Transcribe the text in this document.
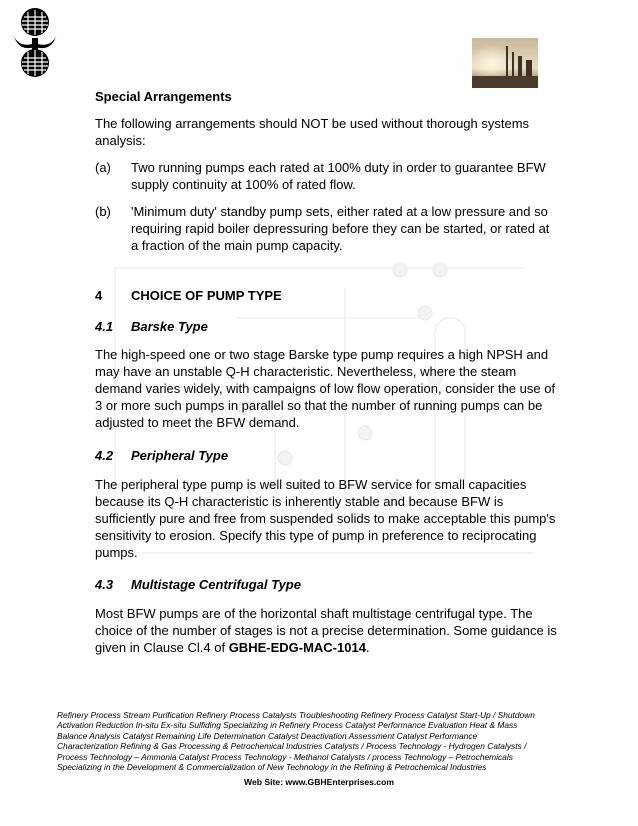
Special Arrangements
The following arrangements should NOT be used without thorough systems
analysis:
(a) Two running pumps each rated at 100% duty in order to guarantee BFW
supply continuity at 100% of rated flow.
(b) 'Minimum duty' standby pump sets, either rated at a low pressure and so
requiring rapid boiler depressuring before they can be started, or rated at
a fraction of the main pump capacity.
4 CHOICE OF PUMP TYPE
4.1 Barske Type
The high-speed one or two stage Barske type pump requires a high NPSH and
may have an unstable Q-H characteristic. Nevertheless, where the steam
demand varies widely, with campaigns of low flow operation, consider the use of
3 or more such pumps in parallel so that the number of running pumps can be
adjusted to meet the BFW demand.
4.2 Peripheral Type
The peripheral type pump is well suited to BFW service for small capacities
because its Q-H characteristic is inherently stable and because BFW is
sufficiently pure and free from suspended solids to make acceptable this pump's
sensitivity to erosion. Specify this type of pump in preference to reciprocating
pumps.
4.3 Multistage Centrifugal Type
Most BFW pumps are of the horizontal shaft multistage centrifugal type. The
choice of the number of stages is not a precise determination. Some guidance is
given in Clause Cl.4 of GBHE-EDG-MAC-1014.
Refinery Process Stream Purification Refinery Process Catalysts Troubleshooting Refinery Process Catalyst Start-Up / Shutdown
Activation Reduction In-situ Ex-situ Sulfiding Specializing in Refinery Process Catalyst Performance Evaluation Heat & Mass
Balance Analysis Catalyst Remaining Life Determination Catalyst Deactivation Assessment Catalyst Performance
Characterization Refining & Gas Processing & Petrochemical Industries Catalysts / Process Technology - Hydrogen Catalysts /
Process Technology – Ammonia Catalyst Process Technology - Methanol Catalysts / process Technology – Petrochemicals
Specializing in the Development & Commercialization of New Technology in the Refining & Petrochemical Industries
Web Site: www.GBHEnterprises.com
